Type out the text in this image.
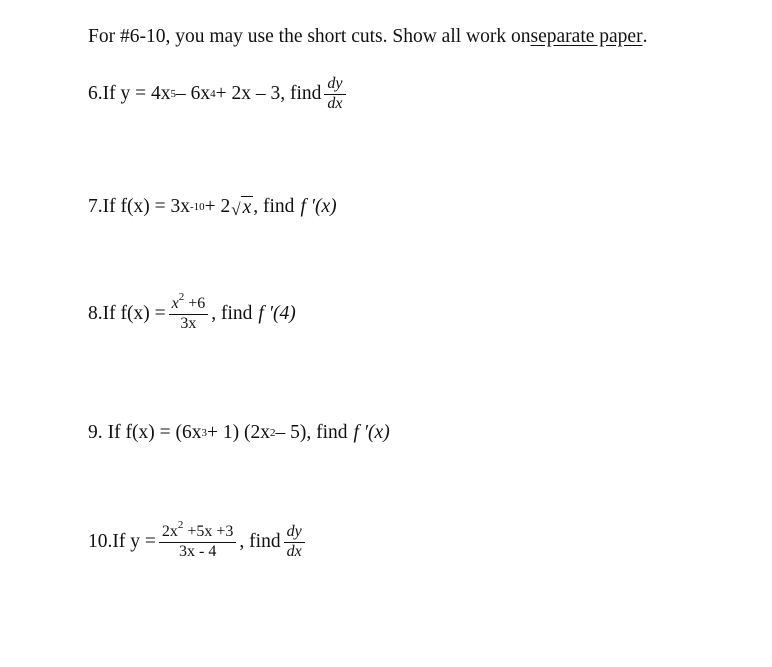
For #6-10, you may use the short cuts. Show all work on separate paper .
6. If y = 4x 5 – 6x 4 + 2x – 3, find $\frac{dy}{dx}$
7. If f(x) = 3x -10 + 2 √ x , find f ′(x)
8. If $f(x) = \frac{x^2 +6}{3x}$ , find f ′(4)
9. If f(x) = (6x 3 + 1) (2x 2 – 5), find f ′(x)
10. If $y = \frac{2x^2 +5x +3}{3x - 4}$ , find $\frac{dy}{dx}$
